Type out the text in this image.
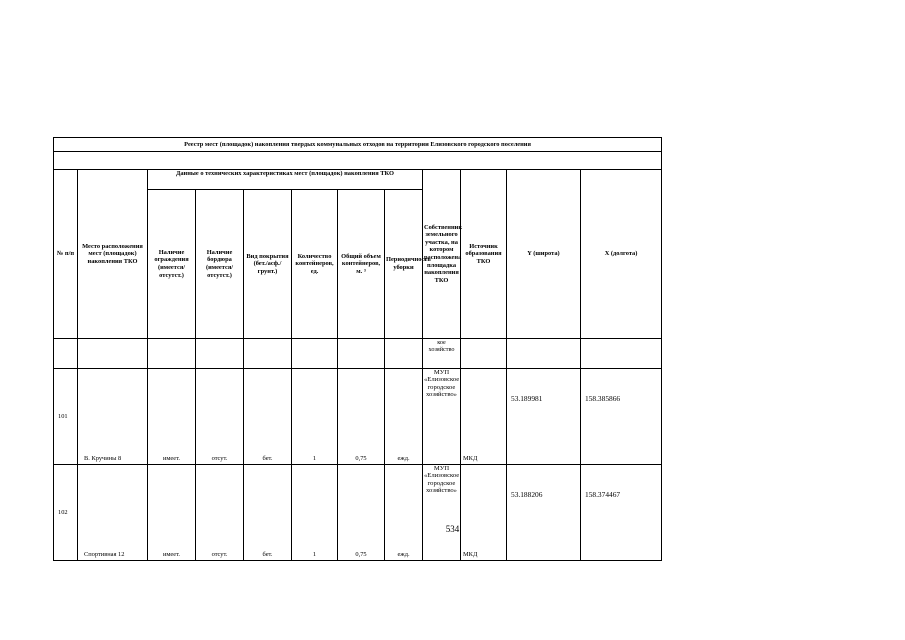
Реестр мест (площадок) накопления твердых коммунальных отходов на территории Елизовского городского поселения											

№ п/п	Место расположения мест (площадок) накопления ТКО	Данные о технических характеристиках мест (площадок) накопления ТКО						Собственник земельного участка, на котором расположена площадка накопления ТКО	Источник образования ТКО	Y (широта)	X (долгота)
		Наличие ограждения (имеется/ отсутст.)	Наличие бордюра (имеется/ отсутст.)	Вид покрытия (бет./асф./ грунт.)	Количество контейнеров, ед.	Общий объем контейнеров, м. ³	Периодичность уборки				
								кое хозяйство			
101	В. Кручины 8	имеет.	отсут.	бет.	1	0,75	ежд.	МУП «Елизовское городское хозяйство»	МКД	53.189981	158.385866
102	Спортивная 12	имеет.	отсут.	бет.	1	0,75	ежд.	МУП «Елизовское городское хозяйство»	МКД	53.188206	158.374467
534
